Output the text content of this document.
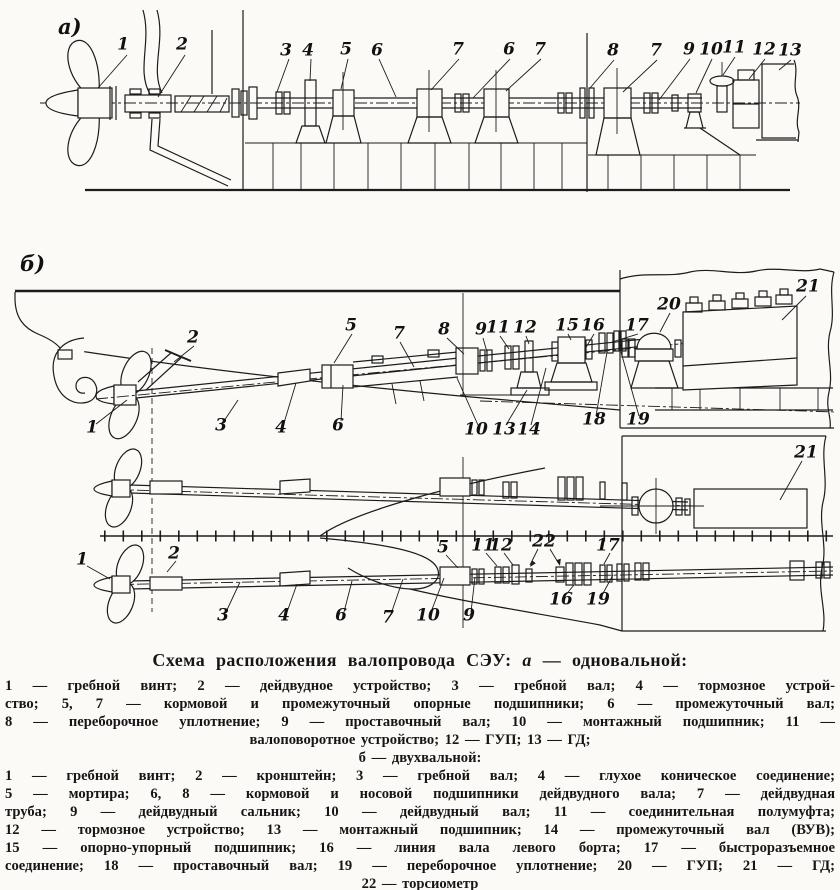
1	2	3 4 5 6	7 6 7	8 7 9 10 11 12 13
1
2
3	4
5
6
7 8 9
10
11 12
13 14
15 16 17
18 19
20
21
1	2
3	4	6 7 10 9
5 11
12 22 17
16 19
21
а)
б)
Схема расположения валопровода СЭУ: а — одновальной:
1 — гребной винт; 2 — дейдвудное устройство; 3 — гребной вал; 4 — тормозное устрой-
ство; 5, 7 — кормовой и промежуточный опорные подшипники; 6 — промежуточный вал;
8 — переборочное уплотнение; 9 — проставочный вал; 10 — монтажный подшипник; 11 —
валоповоротное устройство; 12 — ГУП; 13 — ГД;
б — двухвальной:
1 — гребной винт; 2 — кронштейн; 3 — гребной вал; 4 — глухое коническое соединение;
5 — мортира; 6, 8 — кормовой и носовой подшипники дейдвудного вала; 7 — дейдвудная
труба; 9 — дейдвудный сальник; 10 — дейдвудный вал; 11 — соединительная полумуфта;
12 — тормозное устройство; 13 — монтажный подшипник; 14 — промежуточный вал (ВУВ);
15 — опорно-упорный подшипник; 16 — линия вала левого борта; 17 — быстроразъемное
соединение; 18 — проставочный вал; 19 — переборочное уплотнение; 20 — ГУП; 21 — ГД;
22 — торсиометр
